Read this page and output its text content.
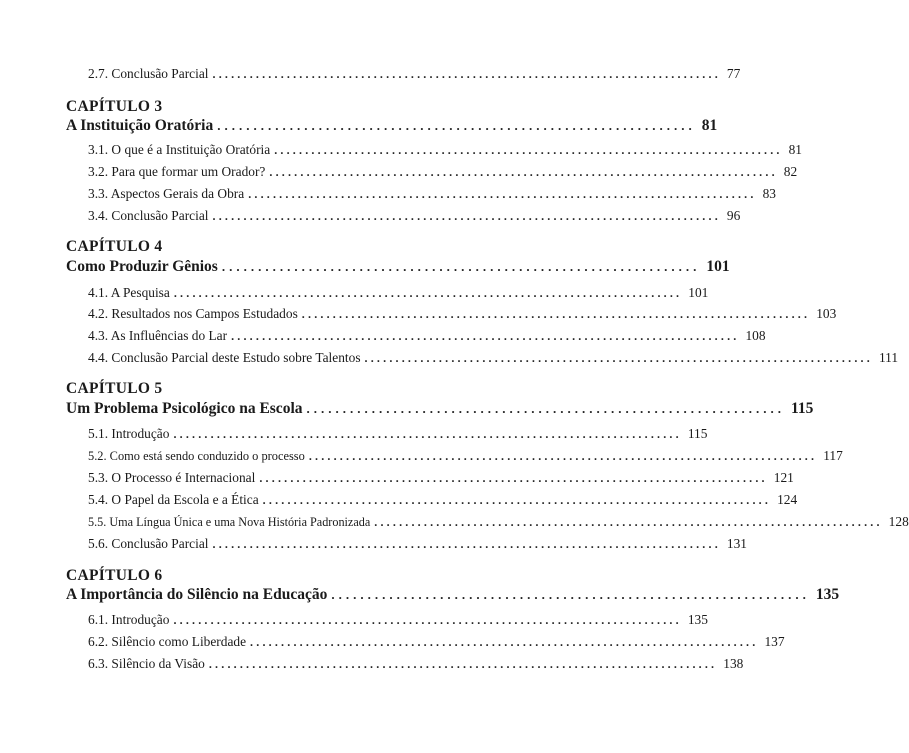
2.7. Conclusão Parcial .................................................................................. 77
CAPÍTULO 3
A Instituição Oratória .................................................................. 81
3.1. O que é a Instituição Oratória .................................................................................. 81
3.2. Para que formar um Orador? .................................................................................. 82
3.3. Aspectos Gerais da Obra .................................................................................. 83
3.4. Conclusão Parcial .................................................................................. 96
CAPÍTULO 4
Como Produzir Gênios .................................................................. 101
4.1. A Pesquisa .................................................................................. 101
4.2. Resultados nos Campos Estudados .................................................................................. 103
4.3. As Influências do Lar .................................................................................. 108
4.4. Conclusão Parcial deste Estudo sobre Talentos .................................................................................. 111
CAPÍTULO 5
Um Problema Psicológico na Escola .................................................................. 115
5.1. Introdução .................................................................................. 115
5.2. Como está sendo conduzido o processo .................................................................................. 117
5.3. O Processo é Internacional .................................................................................. 121
5.4. O Papel da Escola e a Ética .................................................................................. 124
5.5. Uma Língua Única e uma Nova História Padronizada .................................................................................. 128
5.6. Conclusão Parcial .................................................................................. 131
CAPÍTULO 6
A Importância do Silêncio na Educação .................................................................. 135
6.1. Introdução .................................................................................. 135
6.2. Silêncio como Liberdade .................................................................................. 137
6.3. Silêncio da Visão .................................................................................. 138
